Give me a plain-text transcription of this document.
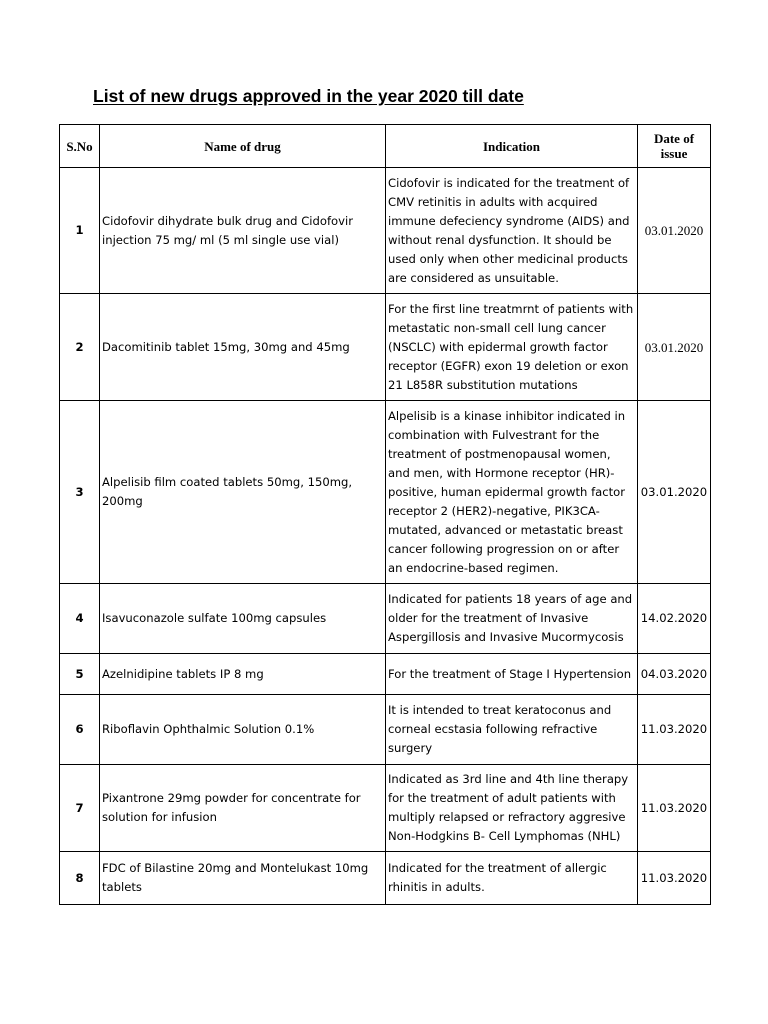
List of new drugs approved in the year 2020 till date
S.No	Name of drug	Indication	Date of issue
1	Cidofovir dihydrate bulk drug and Cidofovir injection 75 mg/ ml (5 ml single use vial)	Cidofovir is indicated for the treatment of CMV retinitis in adults with acquired immune defeciency syndrome (AIDS) and without renal dysfunction. It should be used only when other medicinal products are considered as unsuitable.	03.01.2020
2	Dacomitinib tablet 15mg, 30mg and 45mg	For the first line treatmrnt of patients with metastatic non-small cell lung cancer (NSCLC) with epidermal growth factor receptor (EGFR) exon 19 deletion or exon 21 L858R substitution mutations	03.01.2020
3	Alpelisib film coated tablets 50mg, 150mg, 200mg	Alpelisib is a kinase inhibitor indicated in combination with Fulvestrant for the treatment of postmenopausal women, and men, with Hormone receptor (HR)-positive, human epidermal growth factor receptor 2 (HER2)-negative, PIK3CA-mutated, advanced or metastatic breast cancer following progression on or after an endocrine-based regimen.	03.01.2020
4	Isavuconazole sulfate 100mg capsules	Indicated for patients 18 years of age and older for the treatment of Invasive Aspergillosis and Invasive Mucormycosis	14.02.2020
5	Azelnidipine tablets IP 8 mg	For the treatment of Stage I Hypertension	04.03.2020
6	Riboflavin Ophthalmic Solution 0.1%	It is intended to treat keratoconus and corneal ecstasia following refractive surgery	11.03.2020
7	Pixantrone 29mg powder for concentrate for solution for infusion	Indicated as 3rd line and 4th line therapy for the treatment of adult patients with multiply relapsed or refractory aggresive Non-Hodgkins B- Cell Lymphomas (NHL)	11.03.2020
8	FDC of Bilastine 20mg and Montelukast 10mg tablets	Indicated for the treatment of allergic rhinitis in adults.	11.03.2020
